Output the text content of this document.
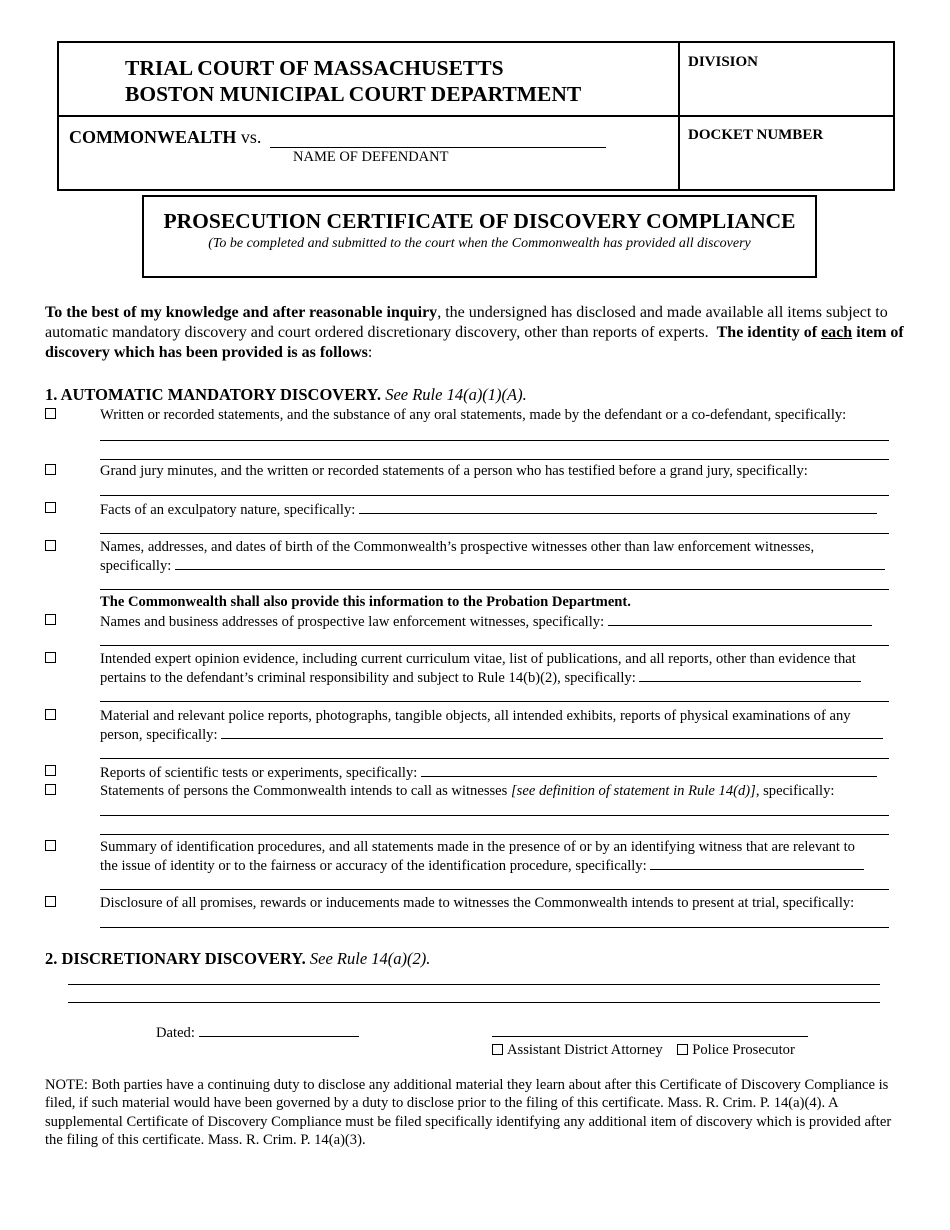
TRIAL COURT OF MASSACHUSETTS
BOSTON MUNICIPAL COURT DEPARTMENT
DIVISION
DOCKET NUMBER
COMMONWEALTH vs.
NAME OF DEFENDANT
PROSECUTION CERTIFICATE OF DISCOVERY COMPLIANCE
(To be completed and submitted to the court when the Commonwealth has provided all discovery
To the best of my knowledge and after reasonable inquiry, the undersigned has disclosed and made available all items subject to automatic mandatory discovery and court ordered discretionary discovery, other than reports of experts. The identity of each item of discovery which has been provided is as follows:
1. AUTOMATIC MANDATORY DISCOVERY. See Rule 14(a)(1)(A).
Written or recorded statements, and the substance of any oral statements, made by the defendant or a co-defendant, specifically:
Grand jury minutes, and the written or recorded statements of a person who has testified before a grand jury, specifically:
Facts of an exculpatory nature, specifically:
Names, addresses, and dates of birth of the Commonwealth’s prospective witnesses other than law enforcement witnesses,
specifically:
The Commonwealth shall also provide this information to the Probation Department.
Names and business addresses of prospective law enforcement witnesses, specifically:
Intended expert opinion evidence, including current curriculum vitae, list of publications, and all reports, other than evidence that
pertains to the defendant’s criminal responsibility and subject to Rule 14(b)(2), specifically:
Material and relevant police reports, photographs, tangible objects, all intended exhibits, reports of physical examinations of any
person, specifically:
Reports of scientific tests or experiments, specifically:
Statements of persons the Commonwealth intends to call as witnesses [see definition of statement in Rule 14(d)], specifically:
Summary of identification procedures, and all statements made in the presence of or by an identifying witness that are relevant to
the issue of identity or to the fairness or accuracy of the identification procedure, specifically:
Disclosure of all promises, rewards or inducements made to witnesses the Commonwealth intends to present at trial, specifically:
2. DISCRETIONARY DISCOVERY. See Rule 14(a)(2).
Dated:
Assistant District Attorney Police Prosecutor
NOTE: Both parties have a continuing duty to disclose any additional material they learn about after this Certificate of Discovery Compliance is filed, if such material would have been governed by a duty to disclose prior to the filing of this certificate. Mass. R. Crim. P. 14(a)(4). A supplemental Certificate of Discovery Compliance must be filed specifically identifying any additional item of discovery which is provided after the filing of this certificate. Mass. R. Crim. P. 14(a)(3).
